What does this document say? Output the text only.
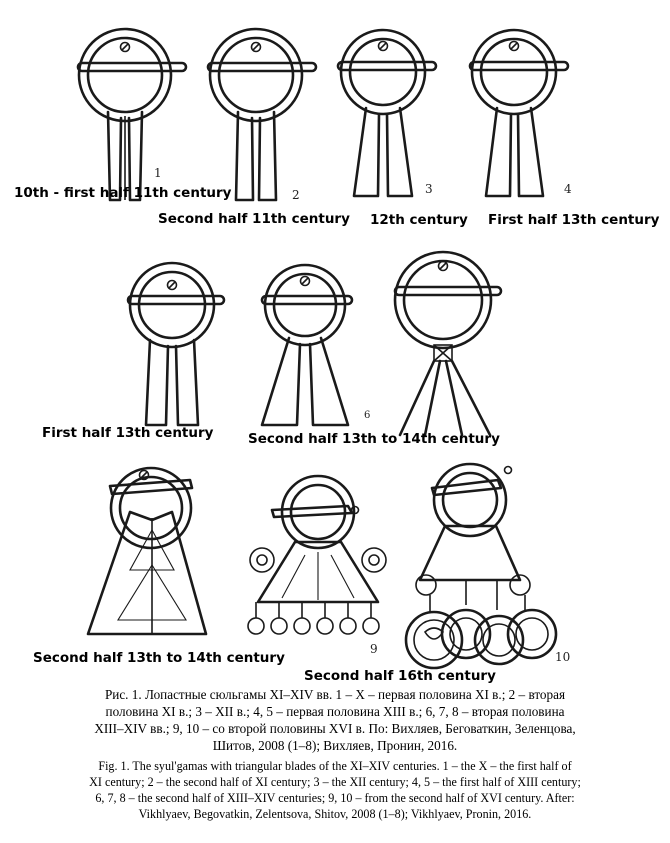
1
2	3	4
6
9
10
10th - first half 11th century
Second half 11th century 12th century First half 13th century
First half 13th century	Second half 13th to 14th century
Second half 13th to 14th century
Second half 16th century
Рис. 1. Лопастные сюльгамы XI–XIV вв. 1 – X – первая половина XI в.; 2 – вторая
половина XI в.; 3 – XII в.; 4, 5 – первая половина XIII в.; 6, 7, 8 – вторая половина
XIII–XIV вв.; 9, 10 – со второй половины XVI в. По: Вихляев, Беговаткин, Зеленцова,
Шитов, 2008 (1–8); Вихляев, Пронин, 2016.
Fig. 1. The syul'gamas with triangular blades of the XI–XIV centuries. 1 – the X – the first half of
XI century; 2 – the second half of XI century; 3 – the XII century; 4, 5 – the first half of XIII century;
6, 7, 8 – the second half of XIII–XIV centuries; 9, 10 – from the second half of XVI century. After:
Vikhlyaev, Begovatkin, Zelentsova, Shitov, 2008 (1–8); Vikhlyaev, Pronin, 2016.
